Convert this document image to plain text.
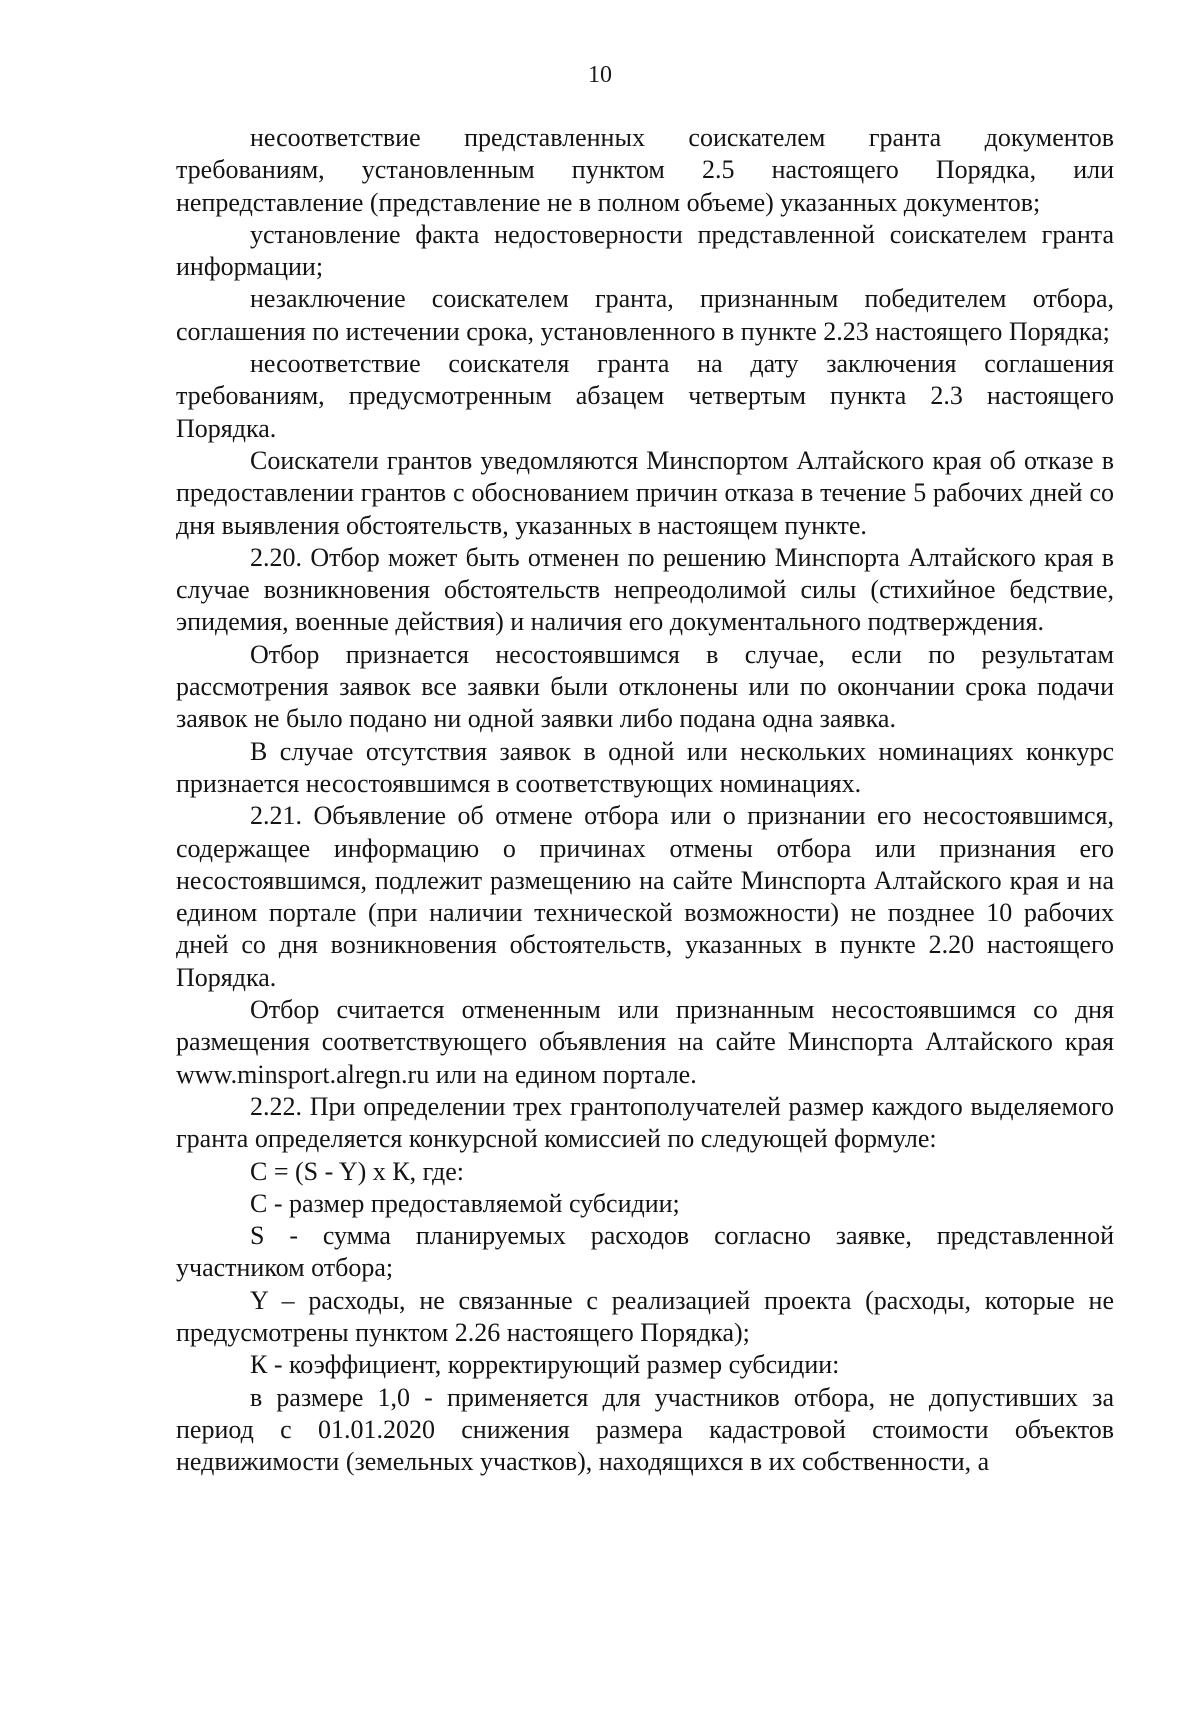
10

несоответствие представленных соискателем гранта документов требованиям, установленным пунктом 2.5 настоящего Порядка, или непредставление (представление не в полном объеме) указанных документов;

установление факта недостоверности представленной соискателем гранта информации;

незаключение соискателем гранта, признанным победителем отбора, соглашения по истечении срока, установленного в пункте 2.23 настоящего Порядка;

несоответствие соискателя гранта на дату заключения соглашения требованиям, предусмотренным абзацем четвертым пункта 2.3 настоящего Порядка.

Соискатели грантов уведомляются Минспортом Алтайского края об отказе в предоставлении грантов с обоснованием причин отказа в течение 5 рабочих дней со дня выявления обстоятельств, указанных в настоящем пункте.

2.20. Отбор может быть отменен по решению Минспорта Алтайского края в случае возникновения обстоятельств непреодолимой силы (стихийное бедствие, эпидемия, военные действия) и наличия его документального подтверждения.

Отбор признается несостоявшимся в случае, если по результатам рассмотрения заявок все заявки были отклонены или по окончании срока подачи заявок не было подано ни одной заявки либо подана одна заявка.

В случае отсутствия заявок в одной или нескольких номинациях конкурс признается несостоявшимся в соответствующих номинациях.

2.21. Объявление об отмене отбора или о признании его несостоявшимся, содержащее информацию о причинах отмены отбора или признания его несостоявшимся, подлежит размещению на сайте Минспорта Алтайского края и на едином портале (при наличии технической возможности) не позднее 10 рабочих дней со дня возникновения обстоятельств, указанных в пункте 2.20 настоящего Порядка.

Отбор считается отмененным или признанным несостоявшимся со дня размещения соответствующего объявления на сайте Минспорта Алтайского края www.minsport.alregn.ru или на едином портале.

2.22. При определении трех грантополучателей размер каждого выделяемого гранта определяется конкурсной комиссией по следующей формуле:

С = (S - Y) х К, где:

С - размер предоставляемой субсидии;

S - сумма планируемых расходов согласно заявке, представленной участником отбора;

Y – расходы, не связанные с реализацией проекта (расходы, которые не предусмотрены пунктом 2.26 настоящего Порядка);

К - коэффициент, корректирующий размер субсидии:

в размере 1,0 - применяется для участников отбора, не допустивших за период с 01.01.2020 снижения размера кадастровой стоимости объектов недвижимости (земельных участков), находящихся в их собственности, а
